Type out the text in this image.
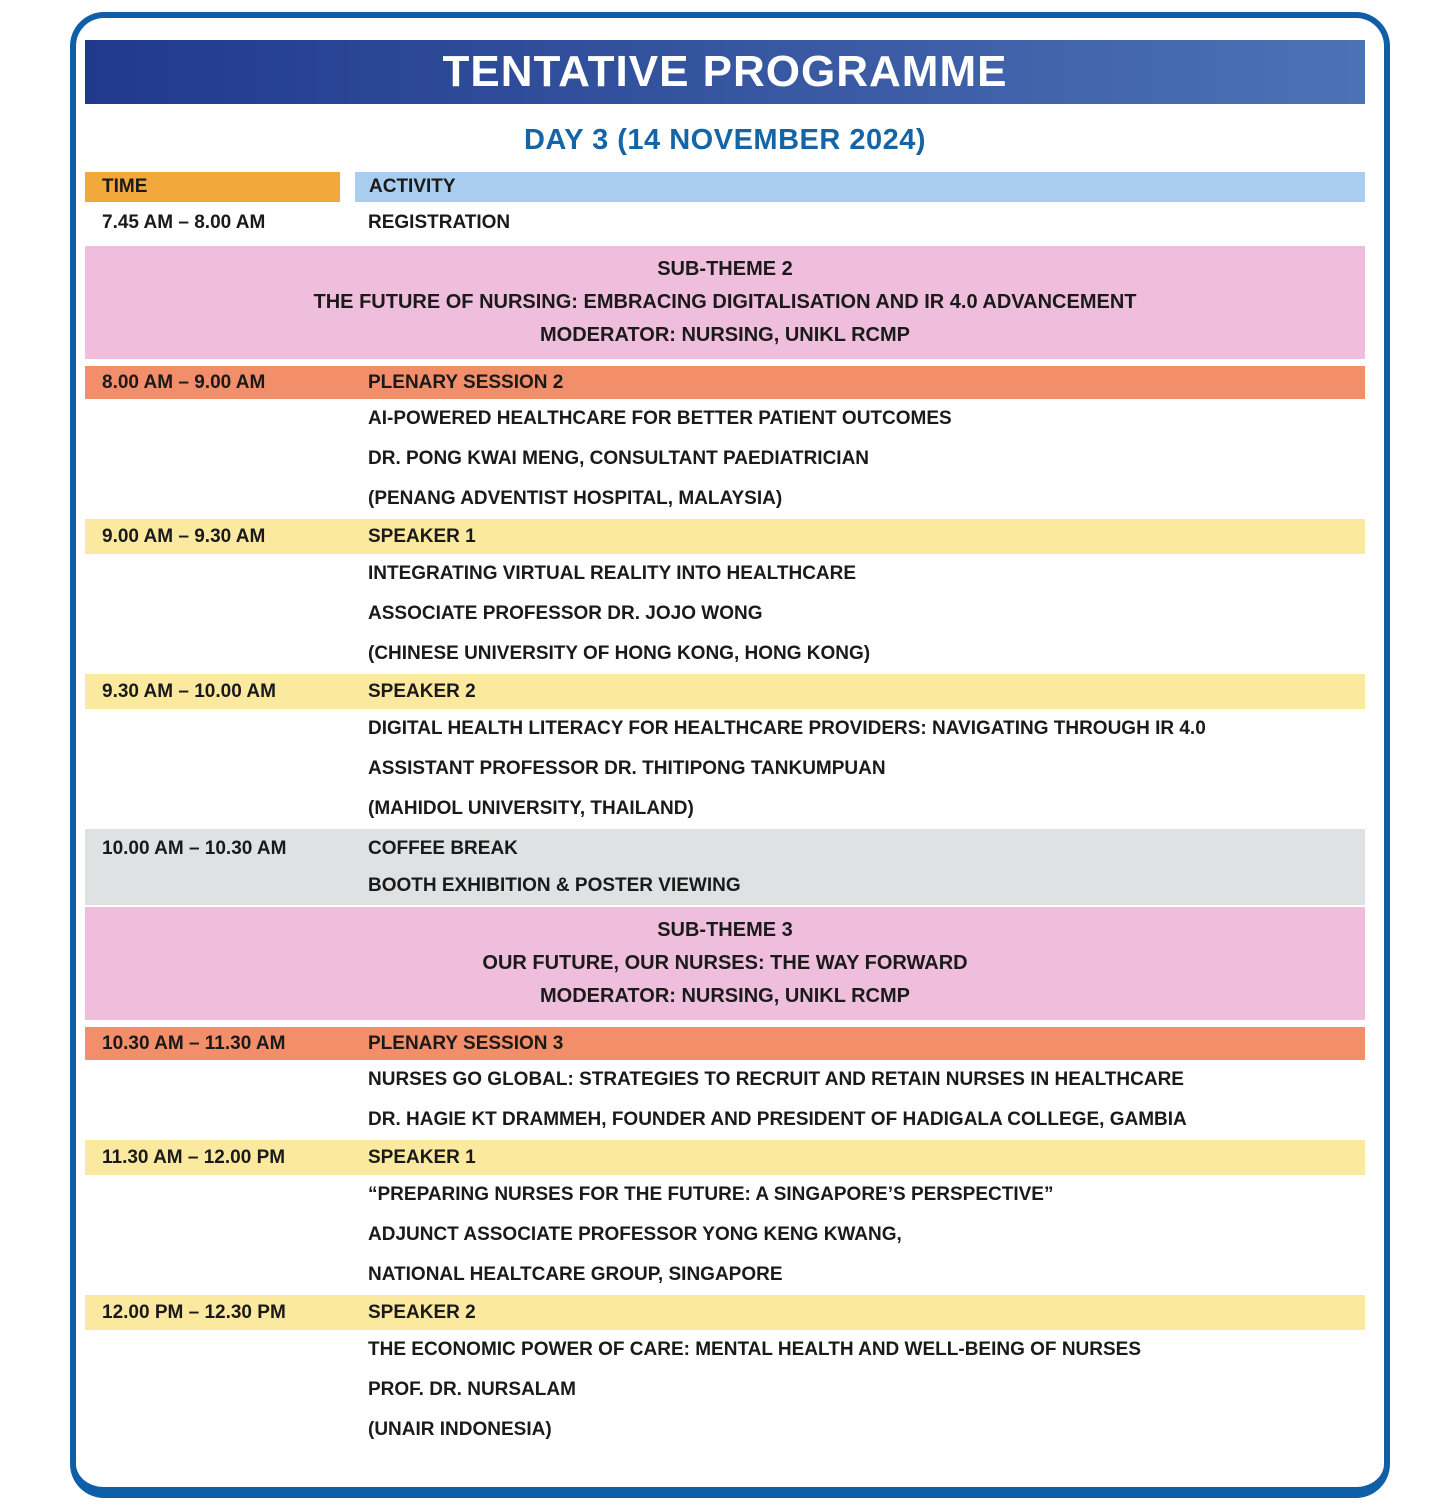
TENTATIVE PROGRAMME
DAY 3 (14 NOVEMBER 2024)
TIME	ACTIVITY
7.45 AM – 8.00 AM	REGISTRATION
SUB-THEME 2
THE FUTURE OF NURSING: EMBRACING DIGITALISATION AND IR 4.0 ADVANCEMENT
MODERATOR: NURSING, UNIKL RCMP
8.00 AM – 9.00 AM	PLENARY SESSION 2
AI-POWERED HEALTHCARE FOR BETTER PATIENT OUTCOMES
DR. PONG KWAI MENG, CONSULTANT PAEDIATRICIAN
(PENANG ADVENTIST HOSPITAL, MALAYSIA)
9.00 AM – 9.30 AM	SPEAKER 1
INTEGRATING VIRTUAL REALITY INTO HEALTHCARE
ASSOCIATE PROFESSOR DR. JOJO WONG
(CHINESE UNIVERSITY OF HONG KONG, HONG KONG)
9.30 AM – 10.00 AM	SPEAKER 2
DIGITAL HEALTH LITERACY FOR HEALTHCARE PROVIDERS: NAVIGATING THROUGH IR 4.0
ASSISTANT PROFESSOR DR. THITIPONG TANKUMPUAN
(MAHIDOL UNIVERSITY, THAILAND)
10.00 AM – 10.30 AM	COFFEE BREAK
BOOTH EXHIBITION & POSTER VIEWING
SUB-THEME 3
OUR FUTURE, OUR NURSES: THE WAY FORWARD
MODERATOR: NURSING, UNIKL RCMP
10.30 AM – 11.30 AM	PLENARY SESSION 3
NURSES GO GLOBAL: STRATEGIES TO RECRUIT AND RETAIN NURSES IN HEALTHCARE
DR. HAGIE KT DRAMMEH, FOUNDER AND PRESIDENT OF HADIGALA COLLEGE, GAMBIA
11.30 AM – 12.00 PM	SPEAKER 1
“PREPARING NURSES FOR THE FUTURE: A SINGAPORE’S PERSPECTIVE”
ADJUNCT ASSOCIATE PROFESSOR YONG KENG KWANG,
NATIONAL HEALTCARE GROUP, SINGAPORE
12.00 PM – 12.30 PM	SPEAKER 2
THE ECONOMIC POWER OF CARE: MENTAL HEALTH AND WELL-BEING OF NURSES
PROF. DR. NURSALAM
(UNAIR INDONESIA)
